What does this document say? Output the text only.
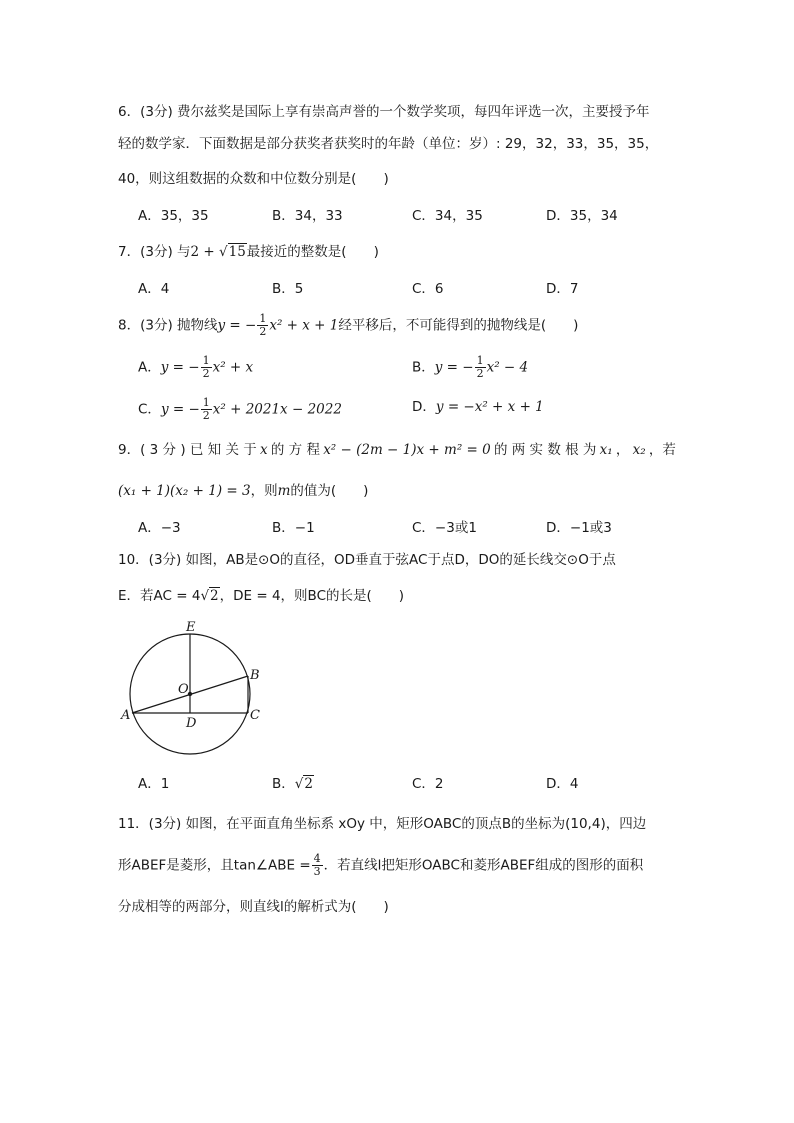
6．(3分) 费尔兹奖是国际上享有崇高声誉的一个数学奖项，每四年评选一次，主要授予年
轻的数学家．下面数据是部分获奖者获奖时的年龄（单位：岁）: 29，32，33，35，35，
40，则这组数据的众数和中位数分别是(　　)
A．35，35	B．34，33	C．34，35	D．35，34
7．(3分) 与2 + √15最接近的整数是(　　)
A．4	B．5	C．6	D．7
8．(3分) 抛物线y = − $\frac{1}{2} x^2 + x + 1$经平移后，不可能得到的抛物线是(　　)
A．y = − $\frac{1}{2} x^2 + x$	B．y = − $\frac{1}{2} x^2 - 4$
C．y = − $\frac{1}{2} x^2 + 2021x - 2022$	D．y = −x² + x + 1
9．( 3 分 ) 已 知 关 于 x 的 方 程 x² − (2m − 1)x + m² = 0 的 两 实 数 根 为 x₁ ， x₂ ，若
(x₁ + 1)(x₂ + 1) = 3，则m的值为(　　)
A．−3	B．−1	C．−3或1	D．−1或3
10．(3分) 如图，AB是⊙O的直径，OD垂直于弦AC于点D，DO的延长线交⊙O于点
E．若AC = 4√2，DE = 4，则BC的长是(　　)
E
B
O
A
D
C
A．1	B．√2	C．2	D．4
11．(3分) 如图，在平面直角坐标系 xOy 中，矩形OABC的顶点B的坐标为(10,4)，四边
形ABEF是菱形，且tan∠ABE = $\frac{4}{3}$ ．若直线l把矩形OABC和菱形ABEF组成的图形的面积
分成相等的两部分，则直线l的解析式为(　　)
